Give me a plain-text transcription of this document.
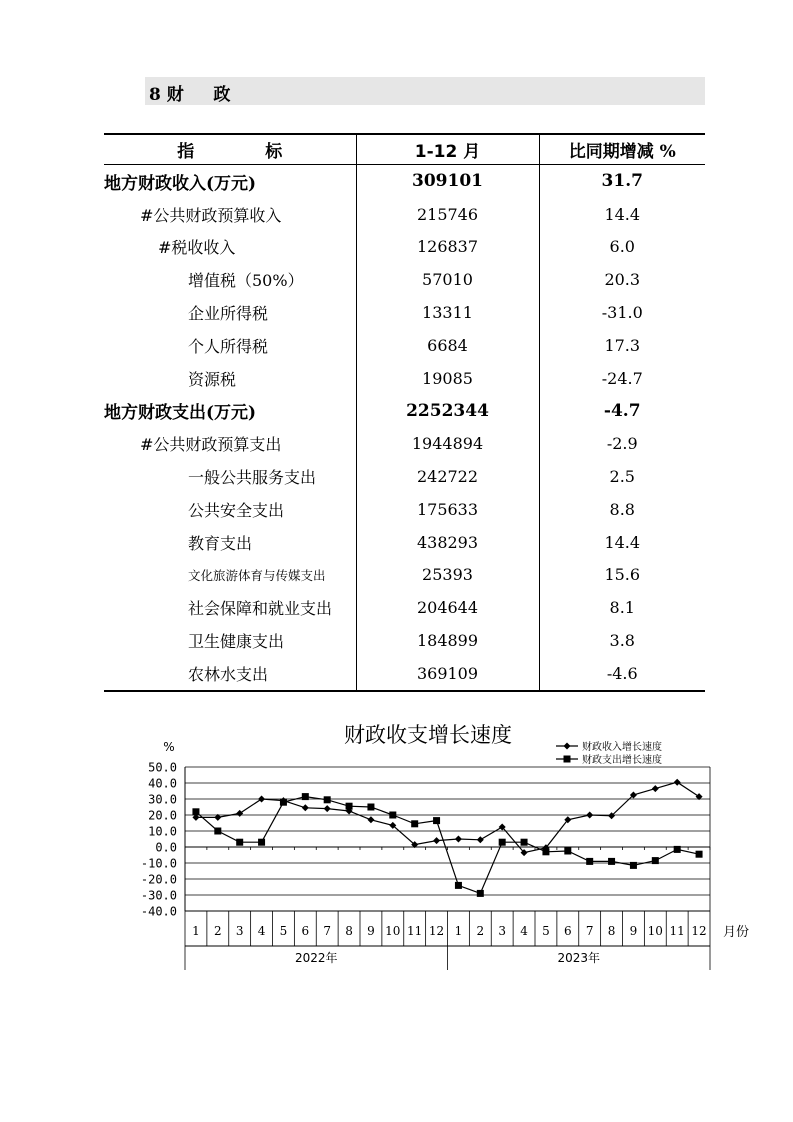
8 财     政
指            标	1-12 月	比同期增减 %
地方财政收入(万元)	309101	31.7
#公共财政预算收入	215746	14.4
#税收收入	126837	6.0
增值税（50%）	57010	20.3
企业所得税	13311	-31.0
个人所得税	6684	17.3
资源税	19085	-24.7
地方财政支出(万元)	2252344	-4.7
#公共财政预算支出	1944894	-2.9
一般公共服务支出	242722	2.5
公共安全支出	175633	8.8
教育支出	438293	14.4
文化旅游体育与传媒支出	25393	15.6
社会保障和就业支出	204644	8.1
卫生健康支出	184899	3.8
农林水支出	369109	-4.6
财政收支增长速度
%
50.0
40.0
30.0
20.0
10.0
0.0
-10.0
-20.0
-30.0
-40.0
1 2 3 4 5 6 7 8 9 10 11 12 1 2 3 4 5 6 7 8 9 10 11 12
2022年	2023年
月份
财政收入增长速度
财政支出增长速度
